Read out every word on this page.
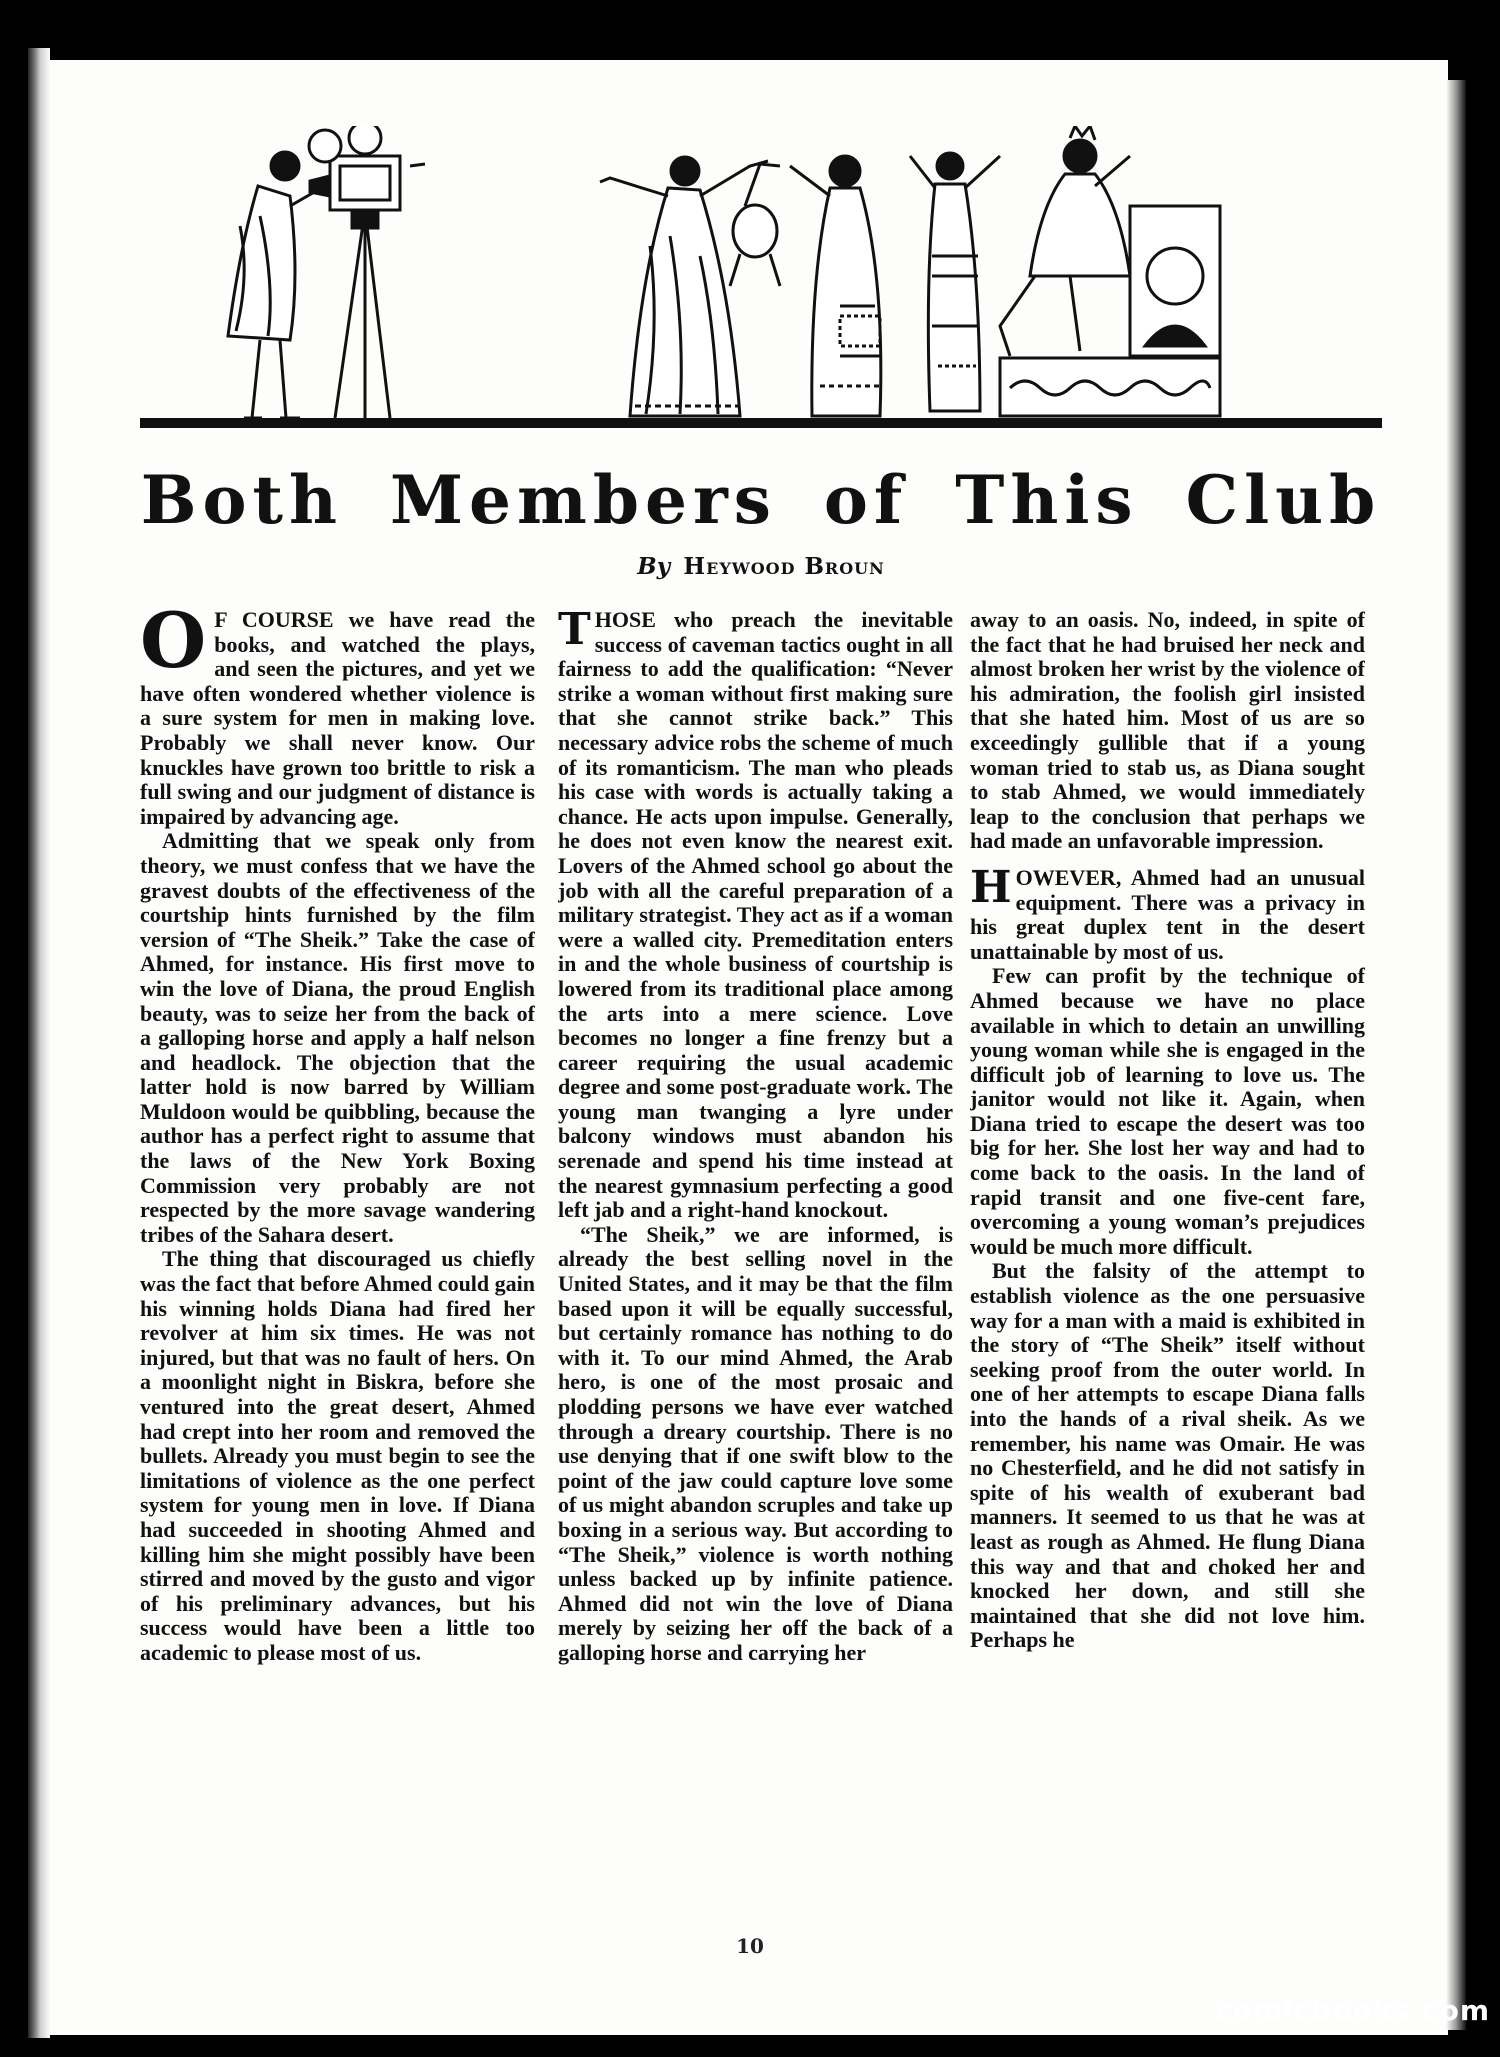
Both Members of This Club
By Heywood Broun

O F COURSE we have read the books, and watched the plays, and seen the pictures, and yet we have often wondered whether violence is a sure system for men in making love. Probably we shall never know. Our knuckles have grown too brittle to risk a full swing and our judgment of distance is impaired by advancing age.

Admitting that we speak only from theory, we must confess that we have the gravest doubts of the effectiveness of the courtship hints furnished by the film version of “The Sheik.” Take the case of Ahmed, for instance. His first move to win the love of Diana, the proud English beauty, was to seize her from the back of a galloping horse and apply a half nelson and headlock. The objection that the latter hold is now barred by William Muldoon would be quibbling, because the author has a perfect right to assume that the laws of the New York Boxing Commission very probably are not respected by the more savage wandering tribes of the Sahara desert.

The thing that discouraged us chiefly was the fact that before Ahmed could gain his winning holds Diana had fired her revolver at him six times. He was not injured, but that was no fault of hers. On a moonlight night in Biskra, before she ventured into the great desert, Ahmed had crept into her room and removed the bullets. Already you must begin to see the limitations of violence as the one perfect system for young men in love. If Diana had succeeded in shooting Ahmed and killing him she might possibly have been stirred and moved by the gusto and vigor of his preliminary advances, but his success would have been a little too academic to please most of us.

THOSE who preach the inevitable success of caveman tactics ought in all fairness to add the qualification: “Never strike a woman without first making sure that she cannot strike back.” This necessary advice robs the scheme of much of its romanticism. The man who pleads his case with words is actually taking a chance. He acts upon impulse. Generally, he does not even know the nearest exit. Lovers of the Ahmed school go about the job with all the careful preparation of a military strategist. They act as if a woman were a walled city. Premeditation enters in and the whole business of courtship is lowered from its traditional place among the arts into a mere science. Love becomes no longer a fine frenzy but a career requiring the usual academic degree and some post-graduate work. The young man twanging a lyre under balcony windows must abandon his serenade and spend his time instead at the nearest gymnasium perfecting a good left jab and a right-hand knockout.

“The Sheik,” we are informed, is already the best selling novel in the United States, and it may be that the film based upon it will be equally successful, but certainly romance has nothing to do with it. To our mind Ahmed, the Arab hero, is one of the most prosaic and plodding persons we have ever watched through a dreary courtship. There is no use denying that if one swift blow to the point of the jaw could capture love some of us might abandon scruples and take up boxing in a serious way. But according to “The Sheik,” violence is worth nothing unless backed up by infinite patience. Ahmed did not win the love of Diana merely by seizing her off the back of a galloping horse and carrying her

away to an oasis. No, indeed, in spite of the fact that he had bruised her neck and almost broken her wrist by the violence of his admiration, the foolish girl insisted that she hated him. Most of us are so exceedingly gullible that if a young woman tried to stab us, as Diana sought to stab Ahmed, we would immediately leap to the conclusion that perhaps we had made an unfavorable impression.

HOWEVER, Ahmed had an unusual equipment. There was a privacy in his great duplex tent in the desert unattainable by most of us.

Few can profit by the technique of Ahmed because we have no place available in which to detain an unwilling young woman while she is engaged in the difficult job of learning to love us. The janitor would not like it. Again, when Diana tried to escape the desert was too big for her. She lost her way and had to come back to the oasis. In the land of rapid transit and one five-cent fare, overcoming a young woman’s prejudices would be much more difficult.

But the falsity of the attempt to establish violence as the one persuasive way for a man with a maid is exhibited in the story of “The Sheik” itself without seeking proof from the outer world. In one of her attempts to escape Diana falls into the hands of a rival sheik. As we remember, his name was Omair. He was no Chesterfield, and he did not satisfy in spite of his wealth of exuberant bad manners. It seemed to us that he was at least as rough as Ahmed. He flung Diana this way and that and choked her and knocked her down, and still she maintained that she did not love him. Perhaps he

10
comicbooks.com
